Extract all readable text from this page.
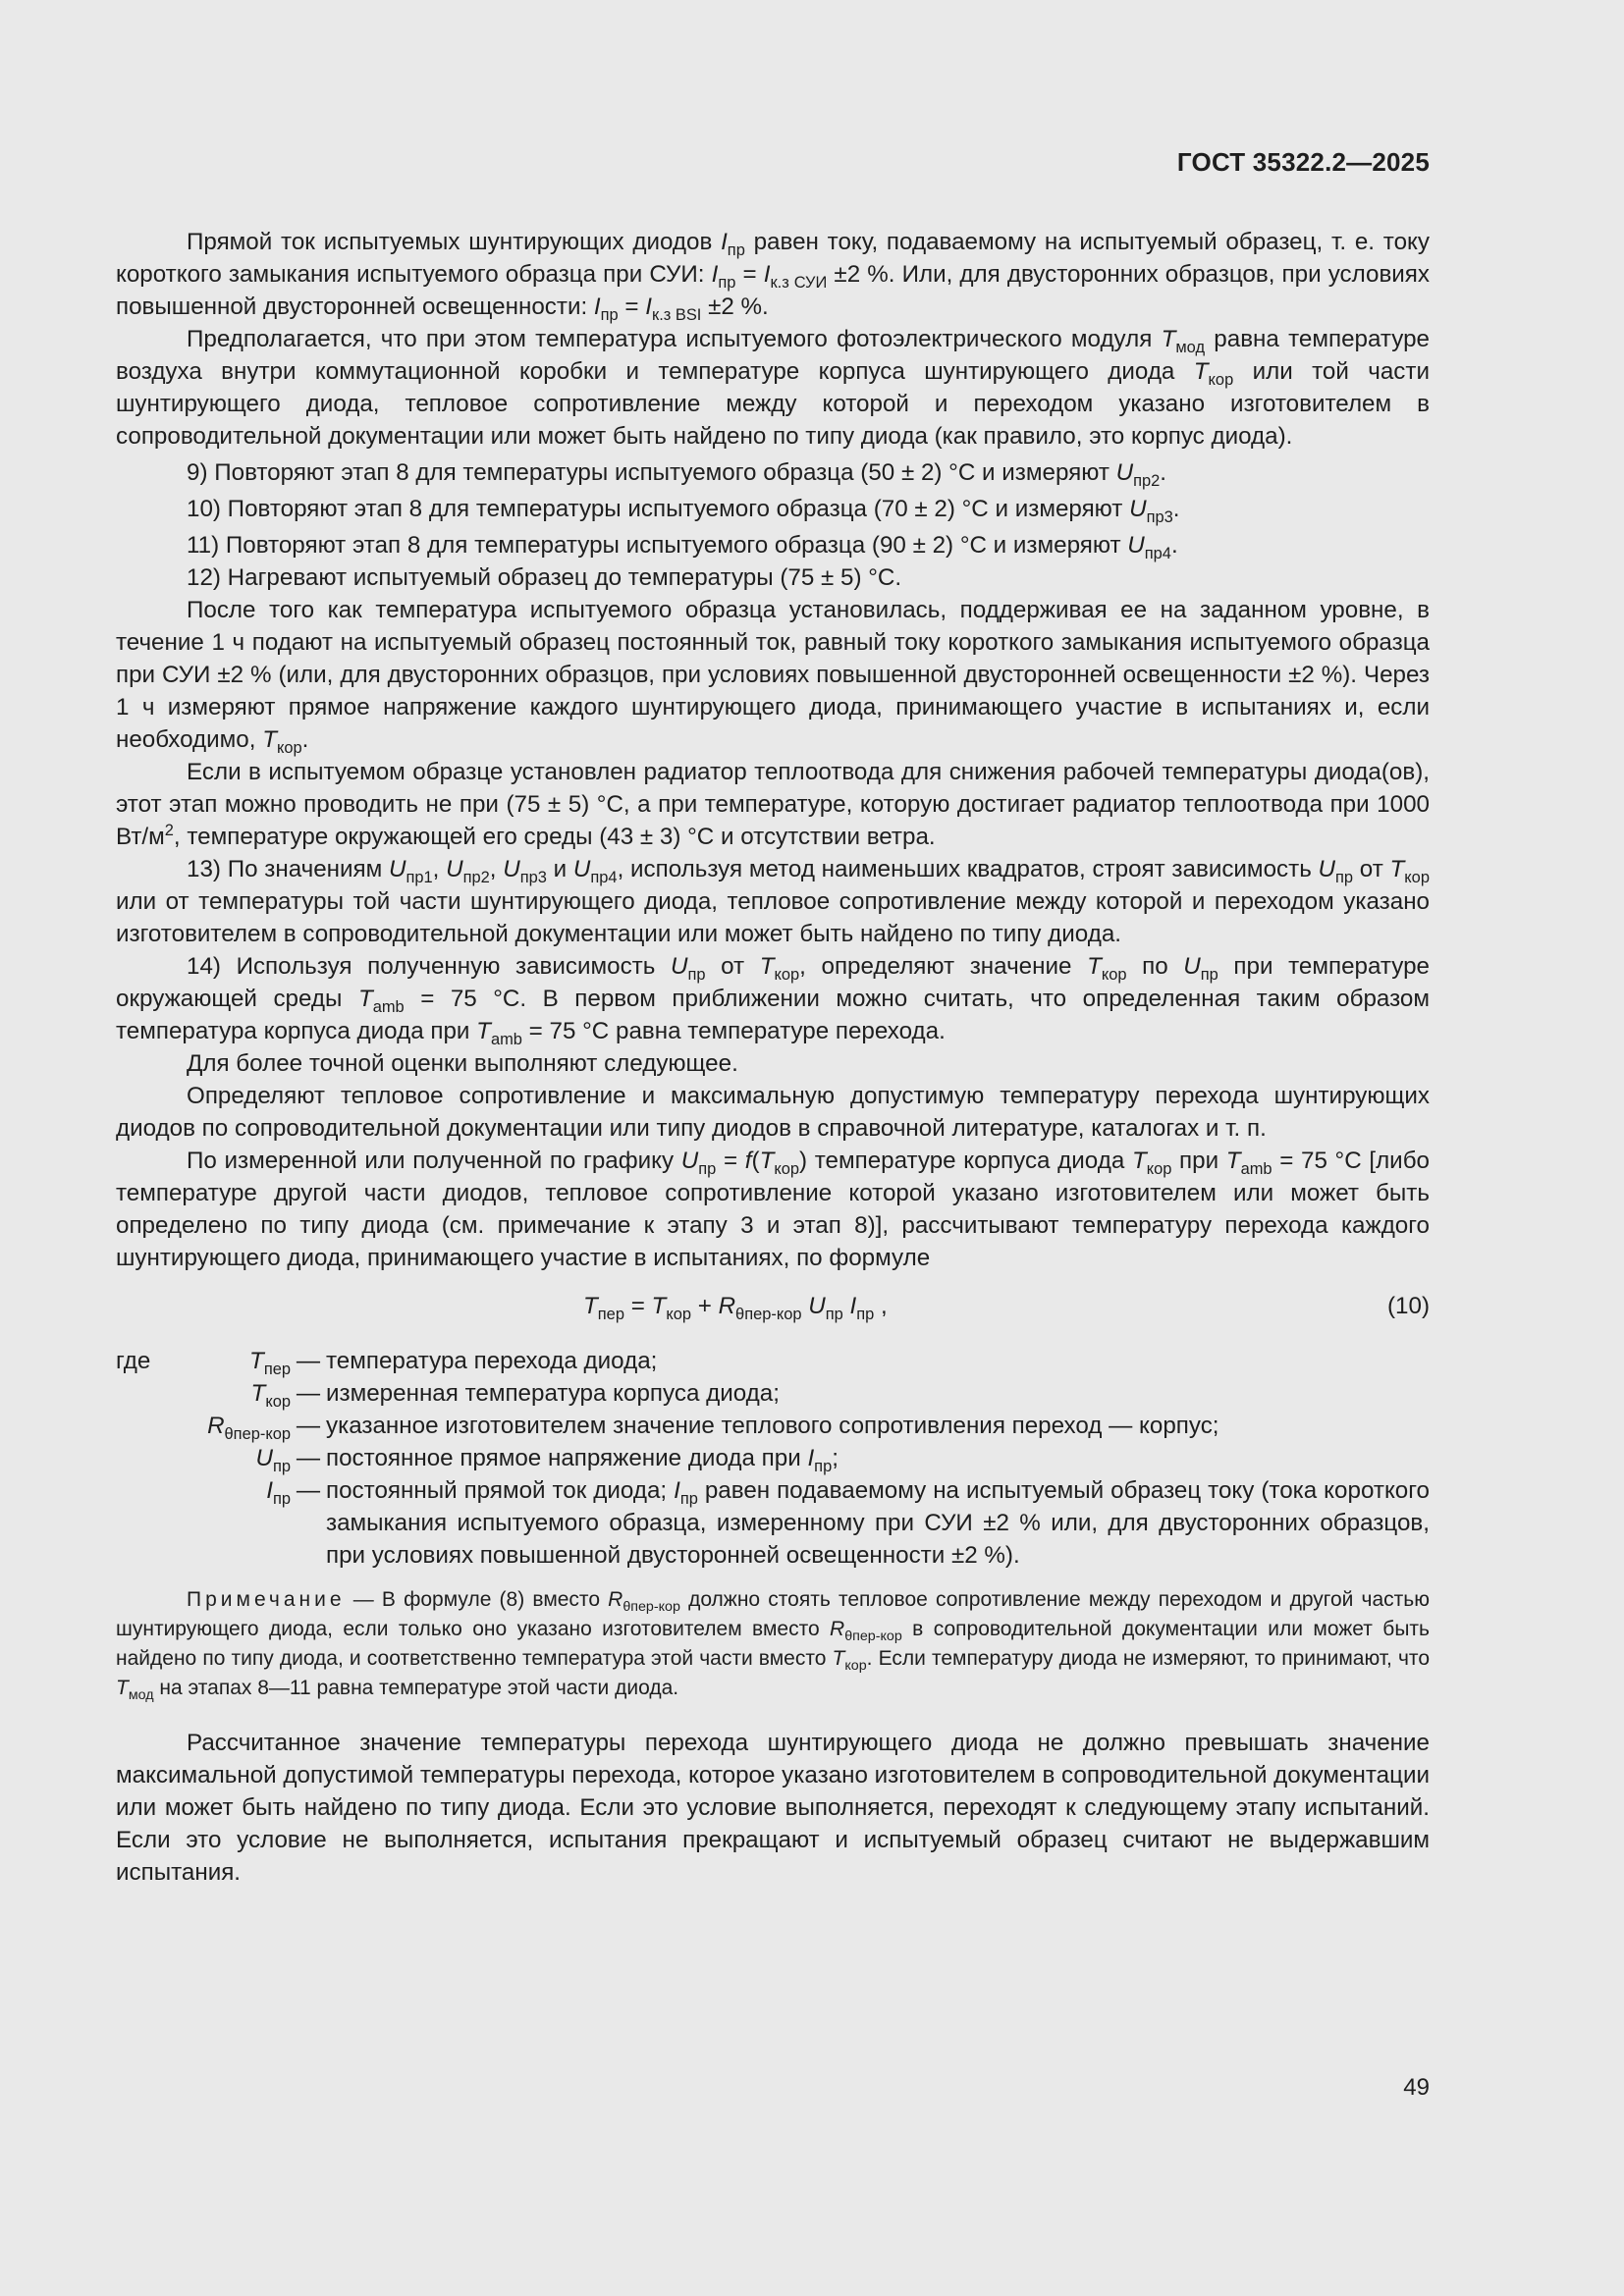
ГОСТ 35322.2—2025

Прямой ток испытуемых шунтирующих диодов $I_{пр}$ равен току, подаваемому на испытуемый образец, т. е. току короткого замыкания испытуемого образца при СУИ: $I_{пр} = I_{к.з СУИ} \pm 2$ %. Или, для двусторонних образцов, при условиях повышенной двусторонней освещенности: $I_{пр} = I_{к.з BSI} \pm 2$ %.

Предполагается, что при этом температура испытуемого фотоэлектрического модуля $T_{мод}$ равна температуре воздуха внутри коммутационной коробки и температуре корпуса шунтирующего диода $T_{кор}$ или той части шунтирующего диода, тепловое сопротивление между которой и переходом указано изготовителем в сопроводительной документации или может быть найдено по типу диода (как правило, это корпус диода).

9) Повторяют этап 8 для температуры испытуемого образца (50 ± 2) °С и измеряют $U_{пр2}$.

10) Повторяют этап 8 для температуры испытуемого образца (70 ± 2) °С и измеряют $U_{пр3}$.

11) Повторяют этап 8 для температуры испытуемого образца (90 ± 2) °С и измеряют $U_{пр4}$.

12) Нагревают испытуемый образец до температуры (75 ± 5) °С.

После того как температура испытуемого образца установилась, поддерживая ее на заданном уровне, в течение 1 ч подают на испытуемый образец постоянный ток, равный току короткого замыкания испытуемого образца при СУИ ±2 % (или, для двусторонних образцов, при условиях повышенной двусторонней освещенности ±2 %). Через 1 ч измеряют прямое напряжение каждого шунтирующего диода, принимающего участие в испытаниях и, если необходимо, $T_{кор}$.

Если в испытуемом образце установлен радиатор теплоотвода для снижения рабочей температуры диода(ов), этот этап можно проводить не при (75 ± 5) °С, а при температуре, которую достигает радиатор теплоотвода при 1000 $Вт/м^2$, температуре окружающей его среды (43 ± 3) °С и отсутствии ветра.

13) По значениям $U_{пр1}$, $U_{пр2}$, $U_{пр3}$ и $U_{пр4}$, используя метод наименьших квадратов, строят зависимость $U_{пр}$ от $T_{кор}$ или от температуры той части шунтирующего диода, тепловое сопротивление между которой и переходом указано изготовителем в сопроводительной документации или может быть найдено по типу диода.

14) Используя полученную зависимость $U_{пр}$ от $T_{кор}$, определяют значение $T_{кор}$ по $U_{пр}$ при температуре окружающей среды $T_{amb} = 75$ °С. В первом приближении можно считать, что определенная таким образом температура корпуса диода при $T_{amb} = 75$ °С равна температуре перехода.

Для более точной оценки выполняют следующее.

Определяют тепловое сопротивление и максимальную допустимую температуру перехода шунтирующих диодов по сопроводительной документации или типу диодов в справочной литературе, каталогах и т. п.

По измеренной или полученной по графику $U_{пр} = f(T_{кор})$ температуре корпуса диода $T_{кор}$ при $T_{amb} = 75$ °С [либо температуре другой части диодов, тепловое сопротивление которой указано изготовителем или может быть определено по типу диода (см. примечание к этапу 3 и этап 8)], рассчитывают температуру перехода каждого шунтирующего диода, принимающего участие в испытаниях, по формуле

$T_{пер} = T_{кор} + R_{\theta пер-кор}$ $U_{пр}$ $I_{пр}$ ,	(10)
где	$T_{пер}$	—	температура перехода диода;
	$T_{кор}$	—	измеренная температура корпуса диода;
	$R_{\theta пер-кор}$	—	указанное изготовителем значение теплового сопротивления переход — корпус;
	$U_{пр}$	—	постоянное прямое напряжение диода при $I_{пр}$;
	$I_{пр}$	—	постоянный прямой ток диода; $I_{пр}$ равен подаваемому на испытуемый образец току (тока короткого замыкания испытуемого образца, измеренному при СУИ ±2 % или, для двусторонних образцов, при условиях повышенной двусторонней освещенности ±2 %).

Примечание — В формуле (8) вместо $R_{\theta пер-кор}$ должно стоять тепловое сопротивление между переходом и другой частью шунтирующего диода, если только оно указано изготовителем вместо $R_{\theta пер-кор}$ в сопроводительной документации или может быть найдено по типу диода, и соответственно температура этой части вместо $T_{кор}$. Если температуру диода не измеряют, то принимают, что $T_{мод}$ на этапах 8—11 равна температуре этой части диода.

Рассчитанное значение температуры перехода шунтирующего диода не должно превышать значение максимальной допустимой температуры перехода, которое указано изготовителем в сопроводительной документации или может быть найдено по типу диода. Если это условие выполняется, переходят к следующему этапу испытаний. Если это условие не выполняется, испытания прекращают и испытуемый образец считают не выдержавшим испытания.

49
